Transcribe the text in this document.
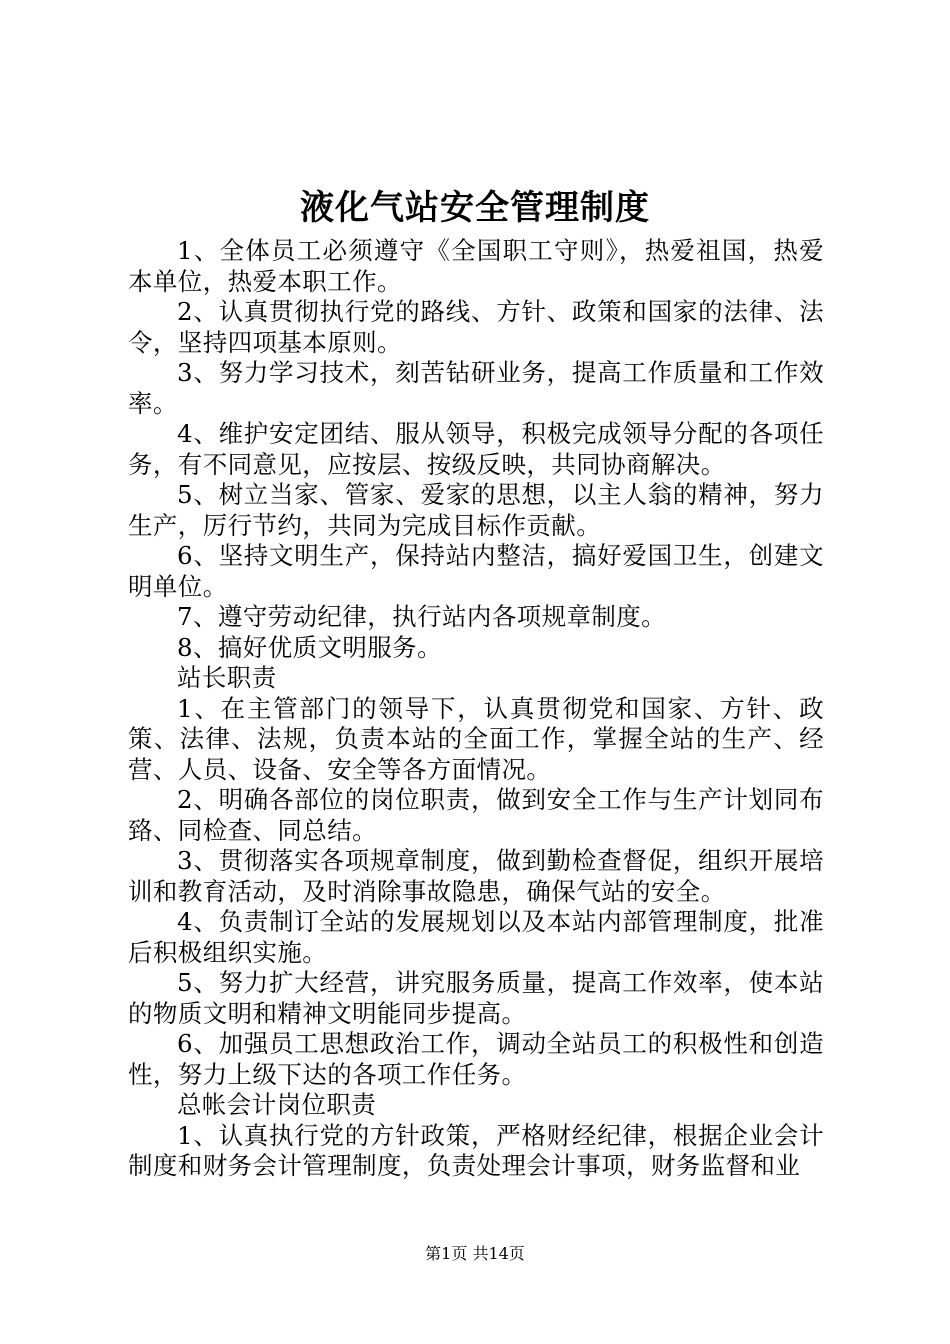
液化气站安全管理制度

1、全体员工必须遵守《全国职工守则》，热爱祖国，热爱本单位，热爱本职工作。

2、认真贯彻执行党的路线、方针、政策和国家的法律、法令，坚持四项基本原则。

3、努力学习技术，刻苦钻研业务，提高工作质量和工作效率。

4、维护安定团结、服从领导，积极完成领导分配的各项任务，有不同意见，应按层、按级反映，共同协商解决。

5、树立当家、管家、爱家的思想，以主人翁的精神，努力生产，厉行节约，共同为完成目标作贡献。

6、坚持文明生产，保持站内整洁，搞好爱国卫生，创建文明单位。

7、遵守劳动纪律，执行站内各项规章制度。

8、搞好优质文明服务。

站长职责

1、在主管部门的领导下，认真贯彻党和国家、方针、政策、法律、法规，负责本站的全面工作，掌握全站的生产、经营、人员、设备、安全等各方面情况。

2、明确各部位的岗位职责，做到安全工作与生产计划同布臵、同检查、同总结。

3、贯彻落实各项规章制度，做到勤检查督促，组织开展培训和教育活动，及时消除事故隐患，确保气站的安全。

4、负责制订全站的发展规划以及本站内部管理制度，批准后积极组织实施。

5、努力扩大经营，讲究服务质量，提高工作效率，使本站的物质文明和精神文明能同步提高。

6、加强员工思想政治工作，调动全站员工的积极性和创造性，努力上级下达的各项工作任务。

总帐会计岗位职责

1、认真执行党的方针政策，严格财经纪律，根据企业会计制度和财务会计管理制度，负责处理会计事项，财务监督和业

第1页 共14页
